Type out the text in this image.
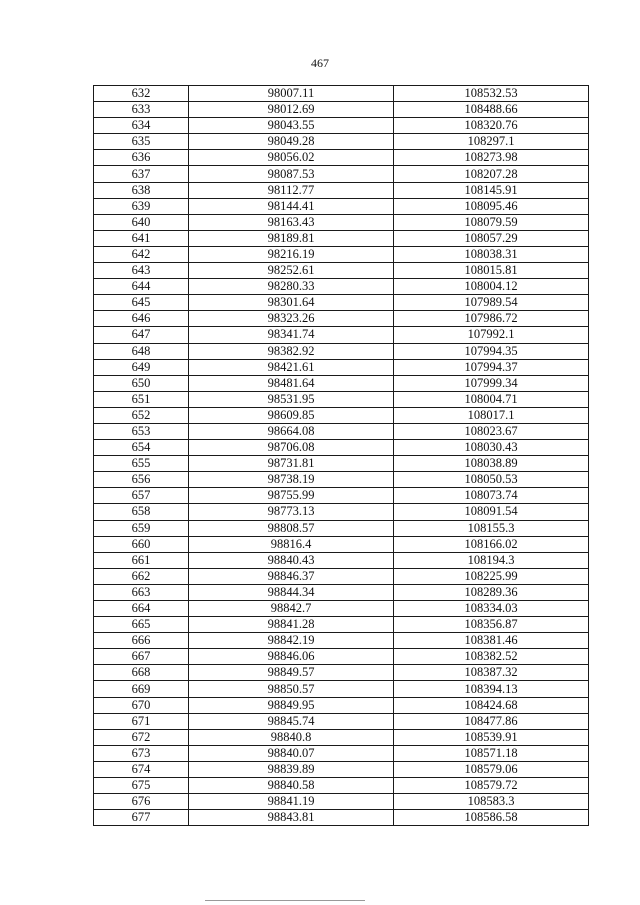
467
632	98007.11	108532.53
633	98012.69	108488.66
634	98043.55	108320.76
635	98049.28	108297.1
636	98056.02	108273.98
637	98087.53	108207.28
638	98112.77	108145.91
639	98144.41	108095.46
640	98163.43	108079.59
641	98189.81	108057.29
642	98216.19	108038.31
643	98252.61	108015.81
644	98280.33	108004.12
645	98301.64	107989.54
646	98323.26	107986.72
647	98341.74	107992.1
648	98382.92	107994.35
649	98421.61	107994.37
650	98481.64	107999.34
651	98531.95	108004.71
652	98609.85	108017.1
653	98664.08	108023.67
654	98706.08	108030.43
655	98731.81	108038.89
656	98738.19	108050.53
657	98755.99	108073.74
658	98773.13	108091.54
659	98808.57	108155.3
660	98816.4	108166.02
661	98840.43	108194.3
662	98846.37	108225.99
663	98844.34	108289.36
664	98842.7	108334.03
665	98841.28	108356.87
666	98842.19	108381.46
667	98846.06	108382.52
668	98849.57	108387.32
669	98850.57	108394.13
670	98849.95	108424.68
671	98845.74	108477.86
672	98840.8	108539.91
673	98840.07	108571.18
674	98839.89	108579.06
675	98840.58	108579.72
676	98841.19	108583.3
677	98843.81	108586.58
